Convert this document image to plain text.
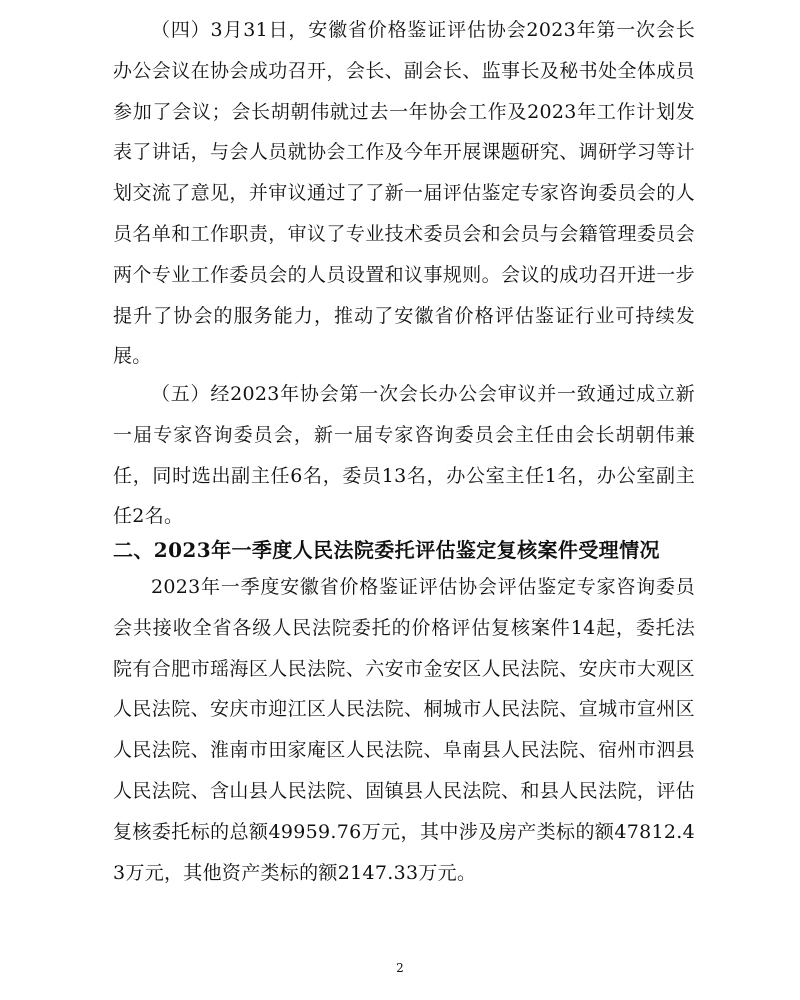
（四）3月31日，安徽省价格鉴证评估协会2023年第一次会长办公会议在协会成功召开，会长、副会长、监事长及秘书处全体成员参加了会议；会长胡朝伟就过去一年协会工作及2023年工作计划发表了讲话，与会人员就协会工作及今年开展课题研究、调研学习等计划交流了意见，并审议通过了了新一届评估鉴定专家咨询委员会的人员名单和工作职责，审议了专业技术委员会和会员与会籍管理委员会两个专业工作委员会的人员设置和议事规则。会议的成功召开进一步提升了协会的服务能力，推动了安徽省价格评估鉴证行业可持续发展。

（五）经2023年协会第一次会长办公会审议并一致通过成立新一届专家咨询委员会，新一届专家咨询委员会主任由会长胡朝伟兼任，同时选出副主任6名，委员13名，办公室主任1名，办公室副主任2名。

二、2023年一季度人民法院委托评估鉴定复核案件受理情况

2023年一季度安徽省价格鉴证评估协会评估鉴定专家咨询委员会共接收全省各级人民法院委托的价格评估复核案件14起，委托法院有合肥市瑶海区人民法院、六安市金安区人民法院、安庆市大观区人民法院、安庆市迎江区人民法院、桐城市人民法院、宣城市宣州区人民法院、淮南市田家庵区人民法院、阜南县人民法院、宿州市泗县人民法院、含山县人民法院、固镇县人民法院、和县人民法院，评估复核委托标的总额49959.76万元，其中涉及房产类标的额47812.43万元，其他资产类标的额2147.33万元。

2
